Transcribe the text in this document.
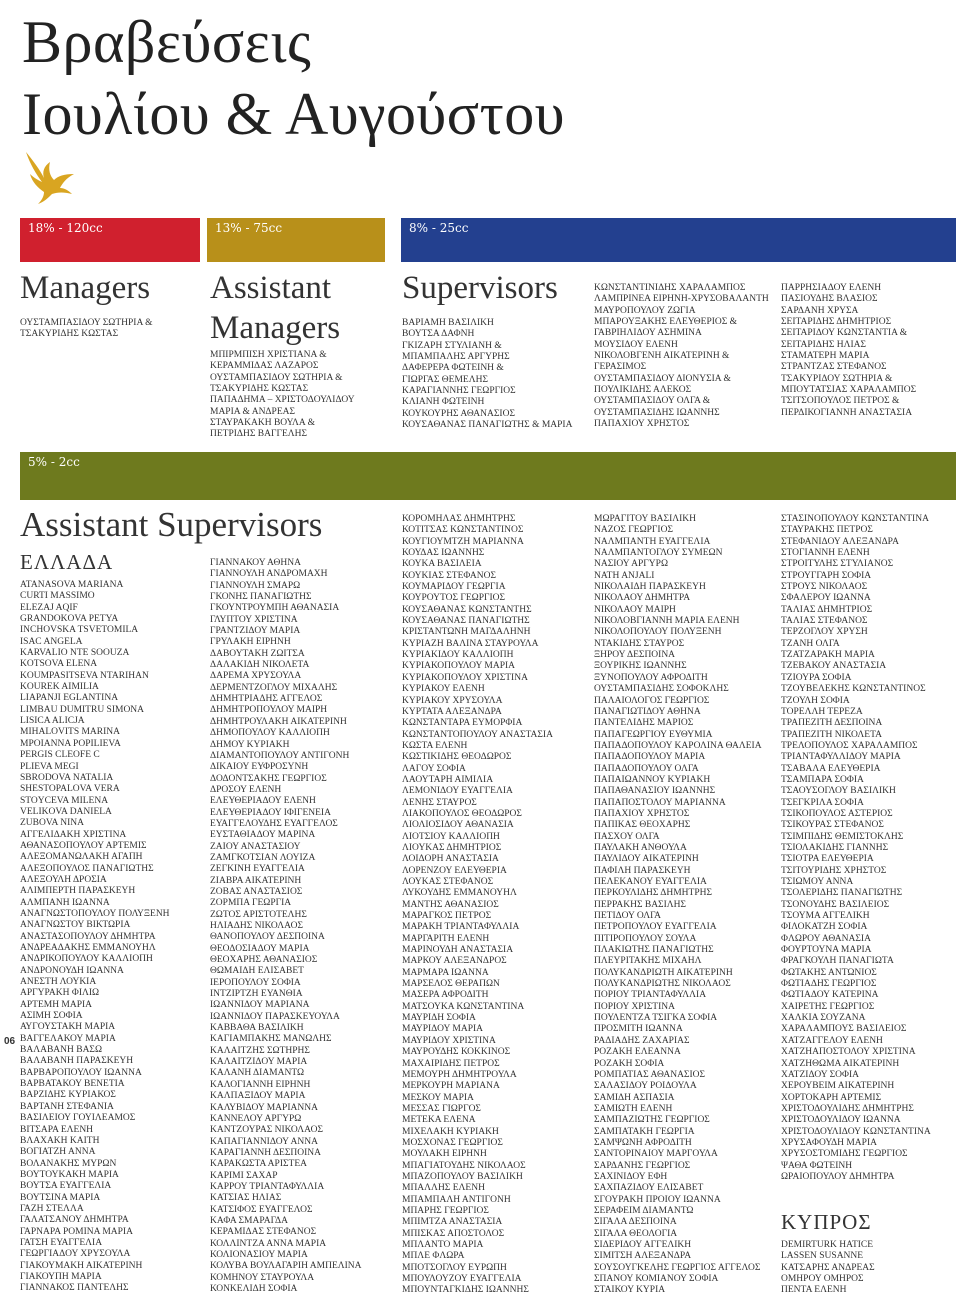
Βραβεύσεις
Ιουλίου & Αυγούστου
18% - 120cc	13% - 75cc	8% - 25cc
5% - 2cc
Managers
ΟΥΣΤΑΜΠΑΣΙΔΟΥ ΣΩΤΗΡΙΑ &
ΤΣΑΚΥΡΙΔΗΣ ΚΩΣΤΑΣ
Assistant
Managers
ΜΠΙΡΜΠΙΣΗ ΧΡΙΣΤΙΑΝΑ &
ΚΕΡΑΜΜΙΔΑΣ ΛΑΖΑΡΟΣ
ΟΥΣΤΑΜΠΑΣΙΔΟΥ ΣΩΤΗΡΙΑ &
ΤΣΑΚΥΡΙΔΗΣ ΚΩΣΤΑΣ
ΠΑΠΑΔΗΜΑ – ΧΡΙΣΤΟΔΟΥΛΙΔΟΥ
ΜΑΡΙΑ & ΑΝΔΡΕΑΣ
ΣΤΑΥΡΑΚΑΚΗ ΒΟΥΛΑ &
ΠΕΤΡΙΔΗΣ ΒΑΓΓΕΛΗΣ
Supervisors
ΒΑΡΙΑΜΗ ΒΑΣΙΛΙΚΗ
ΒΟΥΤΣΑ ΔΑΦΝΗ
ΓΚΙΖΑΡΗ ΣΤΥΛΙΑΝΗ &
ΜΠΑΜΠΑΛΗΣ ΑΡΓΥΡΗΣ
ΔΑΦΕΡΕΡΑ ΦΩΤΕΙΝΗ &
ΓΙΩΡΓΑΣ ΘΕΜΕΛΗΣ
ΚΑΡΑΓΙΑΝΝΗΣ ΓΕΩΡΓΙΟΣ
ΚΛΙΑΝΗ ΦΩΤΕΙΝΗ
ΚΟΥΚΟΥΡΗΣ ΑΘΑΝΑΣΙΟΣ
ΚΟΥΣΑΘΑΝΑΣ ΠΑΝΑΓΙΩΤΗΣ & ΜΑΡΙΑ
ΚΩΝΣΤΑΝΤΙΝΙΔΗΣ ΧΑΡΑΛΑΜΠΟΣ
ΛΑΜΠΡΙΝΕΑ ΕΙΡΗΝΗ-ΧΡΥΣΟΒΑΛΑΝΤΗ
ΜΑΥΡΟΠΟΥΛΟΥ ΖΩΓΙΑ
ΜΠΑΡΟΥΞΑΚΗΣ ΕΛΕΥΘΕΡΙΟΣ &
ΓΑΒΡΙΗΛΙΔΟΥ ΑΣΗΜΙΝΑ
ΜΟΥΣΙΔΟΥ ΕΛΕΝΗ
ΝΙΚΟΛΟΒΓΕΝΗ ΑΙΚΑΤΕΡΙΝΗ &
ΓΕΡΑΣΙΜΟΣ
ΟΥΣΤΑΜΠΑΣΙΔΟΥ ΔΙΟΝΥΣΙΑ &
ΠΟΥΛΙΚΙΔΗΣ ΑΛΕΚΟΣ
ΟΥΣΤΑΜΠΑΣΙΔΟΥ ΟΛΓΑ &
ΟΥΣΤΑΜΠΑΣΙΔΗΣ ΙΩΑΝΝΗΣ
ΠΑΠΑΧΙΟΥ ΧΡΗΣΤΟΣ
ΠΑΡΡΗΣΙΑΔΟΥ ΕΛΕΝΗ
ΠΑΣΙΟΥΔΗΣ ΒΛΑΣΙΟΣ
ΣΑΡΔΑΝΗ ΧΡΥΣΑ
ΣΕΙΤΑΡΙΔΗΣ ΔΗΜΗΤΡΙΟΣ
ΣΕΙΤΑΡΙΔΟΥ ΚΩΝΣΤΑΝΤΙΑ &
ΣΕΙΤΑΡΙΔΗΣ ΗΛΙΑΣ
ΣΤΑΜΑΤΕΡΗ ΜΑΡΙΑ
ΣΤΡΑΝΤΖΑΣ ΣΤΕΦΑΝΟΣ
ΤΣΑΚΥΡΙΔΟΥ ΣΩΤΗΡΙΑ &
ΜΠΟΥΤΑΤΣΙΑΣ ΧΑΡΑΛΑΜΠΟΣ
ΤΣΙΤΣΟΠΟΥΛΟΣ ΠΕΤΡΟΣ &
ΠΕΡΔΙΚΟΓΙΑΝΝΗ ΑΝΑΣΤΑΣΙΑ
Assistant Supervisors
ΕΛΛΑΔΑ
ATANASOVA MARIANA
CURTI MASSIMO
ELEZAJ AQIF
GRANDOKOVA PETYA
INCHOVSKA TSVETOMILA
ISAC ANGELA
KARVALIO NTE SOOUZA
KOTSOVA ELENA
KOUMPASITSEVA NTARIHAN
KOUREK AIMILIA
LIAPANJI EGLANTINA
LIMBAU DUMITRU SIMONA
LISICA ALICJA
MIHALOVITS MARINA
ΜΡΟΙΑΝΝΑ POPILIEVA
PERGIS CLEOFE C
PLIEVA MEGI
SBRODOVA NATALIA
SHESTOPALOVA VERA
STOYCEVA MILENA
VELIKOVA DANIELA
ZUBOVA NINA
ΑΓΓΕΛΙΔΑΚΗ ΧΡΙΣΤΙΝΑ
ΑΘΑΝΑΣΟΠΟΥΛΟΥ ΑΡΤΕΜΙΣ
ΑΛΕΞΟΜΑΝΩΛΑΚΗ ΑΓΑΠΗ
ΑΛΕΞΟΠΟΥΛΟΣ ΠΑΝΑΓΙΩΤΗΣ
ΑΛΕΞΟΥΛΗ ΔΡΟΣΙΑ
ΑΛΙΜΠΕΡΤΗ ΠΑΡΑΣΚΕΥΗ
ΑΛΜΠΑΝΗ ΙΩΑΝΝΑ
ΑΝΑΓΝΩΣΤΟΠΟΥΛΟΥ ΠΟΛΥΞΕΝΗ
ΑΝΑΓΝΩΣΤΟΥ ΒΙΚΤΩΡΙΑ
ΑΝΑΣΤΑΣΟΠΟΥΛΟΥ ΔΗΜΗΤΡΑ
ΑΝΔΡΕΑΔΑΚΗΣ ΕΜΜΑΝΟΥΗΛ
ΑΝΔΡΙΚΟΠΟΥΛΟΥ ΚΑΛΛΙΟΠΗ
ΑΝΔΡΟΝΟΥΔΗ ΙΩΑΝΝΑ
ΑΝΕΣΤΗ ΛΟΥΚΙΑ
ΑΡΓΥΡΑΚΗ ΦΙΛΙΩ
ΑΡΤΕΜΗ ΜΑΡΙΑ
ΑΣΙΜΗ ΣΟΦΙΑ
ΑΥΓΟΥΣΤΑΚΗ ΜΑΡΙΑ
ΒΑΓΓΕΛΑΚΟΥ ΜΑΡΙΑ
ΒΑΛΑΒΑΝΗ ΒΑΣΩ
ΒΑΛΑΒΑΝΗ ΠΑΡΑΣΚΕΥΗ
ΒΑΡΒΑΡΟΠΟΥΛΟΥ ΙΩΑΝΝΑ
ΒΑΡΒΑΤΑΚΟΥ ΒΕΝΕΤΙΑ
ΒΑΡΖΙΔΗΣ ΚΥΡΙΑΚΟΣ
ΒΑΡΤΑΝΗ ΣΤΕΦΑΝΙΑ
ΒΑΣΙΛΕΙΟΥ ΓΟΥΙΛΕΑΜΟΣ
ΒΙΤΣΑΡΑ ΕΛΕΝΗ
ΒΛΑΧΑΚΗ ΚΑΙΤΗ
ΒΟΓΙΑΤΖΗ ΑΝΝΑ
ΒΟΛΑΝΑΚΗΣ ΜΥΡΩΝ
ΒΟΥΤΟΥΚΑΚΗ ΜΑΡΙΑ
ΒΟΥΤΣΑ ΕΥΑΓΓΕΛΙΑ
ΒΟΥΤΣΙΝΑ ΜΑΡΙΑ
ΓΑΖΗ ΣΤΕΛΛΑ
ΓΑΛΑΤΣΑΝΟΥ ΔΗΜΗΤΡΑ
ΓΑΡΝΑΡΑ ΡΟΜΙΝΑ ΜΑΡΙΑ
ΓΑΤΣΗ ΕΥΑΓΓΕΛΙΑ
ΓΕΩΡΓΙΑΔΟΥ ΧΡΥΣΟΥΛΑ
ΓΙΑΚΟΥΜΑΚΗ ΑΙΚΑΤΕΡΙΝΗ
ΓΙΑΚΟΥΠΗ ΜΑΡΙΑ
ΓΙΑΝΝΑΚΟΣ ΠΑΝΤΕΛΗΣ
ΓΙΑΝΝΑΚΟΥ ΑΘΗΝΑ
ΓΙΑΝΝΟΥΛΗ ΑΝΔΡΟΜΑΧΗ
ΓΙΑΝΝΟΥΛΗ ΣΜΑΡΩ
ΓΚΟΝΗΣ ΠΑΝΑΓΙΩΤΗΣ
ΓΚΟΥΝΤΡΟΥΜΠΗ ΑΘΑΝΑΣΙΑ
ΓΛΥΠΤΟΥ ΧΡΙΣΤΙΝΑ
ΓΡΑΝΤΖΙΔΟΥ ΜΑΡΙΑ
ΓΡΥΛΑΚΗ ΕΙΡΗΝΗ
ΔΑΒΟΥΤΑΚΗ ΖΩΙΤΣΑ
ΔΑΛΑΚΙΔΗ ΝΙΚΟΛΕΤΑ
ΔΑΡΕΜΑ ΧΡΥΣΟΥΛΑ
ΔΕΡΜΕΝΤΖΟΓΛΟΥ ΜΙΧΑΛΗΣ
ΔΗΜΗΤΡΙΑΔΗΣ ΑΓΓΕΛΟΣ
ΔΗΜΗΤΡΟΠΟΥΛΟΥ ΜΑΙΡΗ
ΔΗΜΗΤΡΟΥΛΑΚΗ ΑΙΚΑΤΕΡΙΝΗ
ΔΗΜΟΠΟΥΛΟΥ ΚΑΛΛΙΟΠΗ
ΔΗΜΟΥ ΚΥΡΙΑΚΗ
ΔΙΑΜΑΝΤΟΠΟΥΛΟΥ ΑΝΤΙΓΟΝΗ
ΔΙΚΑΙΟΥ ΕΥΦΡΟΣΥΝΗ
ΔΟΔΟΝΤΣΑΚΗΣ ΓΕΩΡΓΙΟΣ
ΔΡΟΣΟΥ ΕΛΕΝΗ
ΕΛΕΥΘΕΡΙΑΔΟΥ ΕΛΕΝΗ
ΕΛΕΥΘΕΡΙΑΔΟΥ ΙΦΙΓΕΝΕΙΑ
ΕΥΑΓΓΕΛΟΥΔΗΣ ΕΥΑΓΓΕΛΟΣ
ΕΥΣΤΑΘΙΑΔΟΥ ΜΑΡΙΝΑ
ΖΑΙΟΥ ΑΝΑΣΤΑΣΙΟΥ
ΖΑΜΓΚΟΤΣΙΑΝ ΛΟΥΙΖΑ
ΖΕΓΚΙΝΗ ΕΥΑΓΓΕΛΙΑ
ΖΙΑΒΡΑ ΑΙΚΑΤΕΡΙΝΗ
ΖΟΒΑΣ ΑΝΑΣΤΑΣΙΟΣ
ΖΟΡΜΠΑ ΓΕΩΡΓΙΑ
ΖΩΤΟΣ ΑΡΙΣΤΟΤΕΛΗΣ
ΗΛΙΑΔΗΣ ΝΙΚΟΛΑΟΣ
ΘΑΝΟΠΟΥΛΟΥ ΔΕΣΠΟΙΝΑ
ΘΕΟΔΟΣΙΑΔΟΥ ΜΑΡΙΑ
ΘΕΟΧΑΡΗΣ ΑΘΑΝΑΣΙΟΣ
ΘΩΜΑΙΔΗ ΕΛΙΣΑΒΕΤ
ΙΕΡΟΠΟΥΛΟΥ ΣΟΦΙΑ
ΙΝΤΖΙΡΤΖΗ ΕΥΑΝΘΙΑ
ΙΩΑΝΝΙΔΟΥ ΜΑΡΙΑΝΑ
ΙΩΑΝΝΙΔΟΥ ΠΑΡΑΣΚΕΥΟΥΛΑ
ΚΑΒΒΑΘΑ ΒΑΣΙΛΙΚΗ
ΚΑΓΙΑΜΠΑΚΗΣ ΜΑΝΩΛΗΣ
ΚΑΛΑΙΤΖΗΣ ΣΩΤΗΡΗΣ
ΚΑΛΑΙΤΖΙΔΟΥ ΜΑΡΙΑ
ΚΑΛΑΝΗ ΔΙΑΜΑΝΤΩ
ΚΑΛΟΓΙΑΝΝΗ ΕΙΡΗΝΗ
ΚΑΛΠΑΞΙΔΟΥ ΜΑΡΙΑ
ΚΑΛΥΒΙΔΟΥ ΜΑΡΙΑΝΝΑ
ΚΑΝΝΕΛΟΥ ΑΡΓΥΡΩ
ΚΑΝΤΖΟΥΡΑΣ ΝΙΚΟΛΑΟΣ
ΚΑΠΑΓΙΑΝΝΙΔΟΥ ΑΝΝΑ
ΚΑΡΑΓΙΑΝΝΗ ΔΕΣΠΟΙΝΑ
ΚΑΡΑΚΩΣΤΑ ΑΡΙΣΤΕΑ
ΚΑΡΙΜΙ ΣΑΧΑΡ
ΚΑΡΡΟΥ ΤΡΙΑΝΤΑΦΥΛΛΙΑ
ΚΑΤΣΙΑΣ ΗΛΙΑΣ
ΚΑΤΣΙΦΟΣ ΕΥΑΓΓΕΛΟΣ
ΚΑΦΑ ΣΜΑΡΑΓΔΑ
ΚΕΡΑΜΙΔΑΣ ΣΤΕΦΑΝΟΣ
ΚΟΛΛΙΝΤΖΑ ΑΝΝΑ ΜΑΡΙΑ
ΚΟΛΙΟΝΑΣΙΟΥ ΜΑΡΙΑ
ΚΟΛΥΒΑ ΒΟΥΛΑΓΑΡΙΗ ΑΜΠΕΛΙΝΑ
ΚΟΜΗΝΟΥ ΣΤΑΥΡΟΥΛΑ
ΚΟΝΚΕΛΙΔΗ ΣΟΦΙΑ
ΚΟΡΟΜΗΛΑΣ ΔΗΜΗΤΡΗΣ
ΚΟΤΙΤΣΑΣ ΚΩΝΣΤΑΝΤΙΝΟΣ
ΚΟΥΓΙΟΥΜΤΖΗ ΜΑΡΙΑΝΝΑ
ΚΟΥΔΑΣ ΙΩΑΝΝΗΣ
ΚΟΥΚΑ ΒΑΣΙΛΕΙΑ
ΚΟΥΚΙΑΣ ΣΤΕΦΑΝΟΣ
ΚΟΥΜΑΡΙΔΟΥ ΓΕΩΡΓΙΑ
ΚΟΥΡΟΥΤΟΣ ΓΕΩΡΓΙΟΣ
ΚΟΥΣΑΘΑΝΑΣ ΚΩΝΣΤΑΝΤΗΣ
ΚΟΥΣΑΘΑΝΑΣ ΠΑΝΑΓΙΩΤΗΣ
ΚΡΙΣΤΑΝΤΩΝΗ ΜΑΓΔΑΛΗΝΗ
ΚΥΡΙΑΖΗ ΒΑΛΙΝΑ ΣΤΑΥΡΟΥΛΑ
ΚΥΡΙΑΚΙΔΟΥ ΚΑΛΛΙΟΠΗ
ΚΥΡΙΑΚΟΠΟΥΛΟΥ ΜΑΡΙΑ
ΚΥΡΙΑΚΟΠΟΥΛΟΥ ΧΡΙΣΤΙΝΑ
ΚΥΡΙΑΚΟΥ ΕΛΕΝΗ
ΚΥΡΙΑΚΟΥ ΧΡΥΣΟΥΛΑ
ΚΥΡΤΑΤΑ ΑΛΕΞΑΝΔΡΑ
ΚΩΝΣΤΑΝΤΑΡΑ ΕΥΜΟΡΦΙΑ
ΚΩΝΣΤΑΝΤΟΠΟΥΛΟΥ ΑΝΑΣΤΑΣΙΑ
ΚΩΣΤΑ ΕΛΕΝΗ
ΚΩΣΤΙΚΙΔΗΣ ΘΕΟΔΩΡΟΣ
ΛΑΓΟΥ ΣΟΦΙΑ
ΛΑΟΥΤΑΡΗ ΑΙΜΙΛΙΑ
ΛΕΜΟΝΙΔΟΥ ΕΥΑΓΓΕΛΙΑ
ΛΕΝΗΣ ΣΤΑΥΡΟΣ
ΛΙΑΚΟΠΟΥΛΟΣ ΘΕΟΔΩΡΟΣ
ΛΙΟΛΙΟΣΙΔΟΥ ΑΘΑΝΑΣΙΑ
ΛΙΟΤΣΙΟΥ ΚΑΛΛΙΟΠΗ
ΛΙΟΥΚΑΣ ΔΗΜΗΤΡΙΟΣ
ΛΟΙΔΟΡΗ ΑΝΑΣΤΑΣΙΑ
ΛΟΡΕΝΖΟΥ ΕΛΕΥΘΕΡΙΑ
ΛΟΥΚΑΣ ΣΤΕΦΑΝΟΣ
ΛΥΚΟΥΔΗΣ ΕΜΜΑΝΟΥΗΛ
ΜΑΝΤΗΣ ΑΘΑΝΑΣΙΟΣ
ΜΑΡΑΓΚΟΣ ΠΕΤΡΟΣ
ΜΑΡΑΚΗ ΤΡΙΑΝΤΑΦΥΛΛΙΑ
ΜΑΡΓΑΡΙΤΗ ΕΛΕΝΗ
ΜΑΡΙΝΟΥΔΗ ΑΝΑΣΤΑΣΙΑ
ΜΑΡΚΟΥ ΑΛΕΞΑΝΔΡΟΣ
ΜΑΡΜΑΡΑ ΙΩΑΝΝΑ
ΜΑΡΣΕΛΟΣ ΘΕΡΑΠΩΝ
ΜΑΣΕΡΑ ΑΦΡΟΔΙΤΗ
ΜΑΤΣΟΥΚΑ ΚΩΝΣΤΑΝΤΙΝΑ
ΜΑΥΡΙΔΗ ΣΟΦΙΑ
ΜΑΥΡΙΔΟΥ ΜΑΡΙΑ
ΜΑΥΡΙΔΟΥ ΧΡΙΣΤΙΝΑ
ΜΑΥΡΟΥΔΗΣ ΚΟΚΚΙΝΟΣ
ΜΑΧΑΙΡΙΔΗΣ ΠΕΤΡΟΣ
ΜΕΜΟΥΡΗ ΔΗΜΗΤΡΟΥΛΑ
ΜΕΡΚΟΥΡΗ ΜΑΡΙΑΝΑ
ΜΕΣΚΟΥ ΜΑΡΙΑ
ΜΕΣΣΑΣ ΓΙΩΡΓΟΣ
ΜΕΤΕΚΑ ΕΛΕΝΑ
ΜΙΧΕΛΑΚΗ ΚΥΡΙΑΚΗ
ΜΟΣΧΟΝΑΣ ΓΕΩΡΓΙΟΣ
ΜΟΥΛΑΚΗ ΕΙΡΗΝΗ
ΜΠΑΓΙΑΤΟΥΔΗΣ ΝΙΚΟΛΑΟΣ
ΜΠΑΖΟΠΟΥΛΟΥ ΒΑΣΙΛΙΚΗ
ΜΠΑΛΛΗΣ ΕΛΕΝΗ
ΜΠΑΜΠΑΛΗ ΑΝΤΙΓΟΝΗ
ΜΠΑΡΗΣ ΓΕΩΡΓΙΟΣ
ΜΠΙΜΤΖΑ ΑΝΑΣΤΑΣΙΑ
ΜΠΙΣΚΑΣ ΑΠΟΣΤΟΛΟΣ
ΜΠΛΑΝΤΟ ΜΑΡΙΑ
ΜΠΛΕ ΦΛΩΡΑ
ΜΠΟΤΣΟΓΛΟΥ ΕΥΡΩΠΗ
ΜΠΟΥΛΟΥΖΟΥ ΕΥΑΓΓΕΛΙΑ
ΜΠΟΥΝΤΑΓΚΙΔΗΣ ΙΩΑΝΝΗΣ
ΜΩΡΑΓΙΤΟΥ ΒΑΣΙΛΙΚΗ
ΝΑΖΟΣ ΓΕΩΡΓΙΟΣ
ΝΑΛΜΠΑΝΤΗ ΕΥΑΓΓΕΛΙΑ
ΝΑΛΜΠΑΝΤΟΓΛΟΥ ΣΥΜΕΩΝ
ΝΑΣΙΟΥ ΑΡΓΥΡΩ
ΝΑΤΗ ΑΝJALI
ΝΙΚΟΛΑΙΔΗ ΠΑΡΑΣΚΕΥΗ
ΝΙΚΟΛΑΟΥ ΔΗΜΗΤΡΑ
ΝΙΚΟΛΑΟΥ ΜΑΙΡΗ
ΝΙΚΟΛΟΒΓΙΑΝΝΗ ΜΑΡΙΑ ΕΛΕΝΗ
ΝΙΚΟΛΟΠΟΥΛΟΥ ΠΟΛΥΞΕΝΗ
ΝΤΑΚΙΔΗΣ ΣΤΑΥΡΟΣ
ΞΗΡΟΥ ΔΕΣΠΟΙΝΑ
ΞΟΥΡΙΚΗΣ ΙΩΑΝΝΗΣ
ΞΥΝΟΠΟΥΛΟΥ ΑΦΡΟΔΙΤΗ
ΟΥΣΤΑΜΠΑΣΙΔΗΣ ΣΟΦΟΚΛΗΣ
ΠΑΛΑΙΟΛΟΓΟΣ ΓΕΩΡΓΙΟΣ
ΠΑΝΑΓΙΩΤΙΔΟΥ ΑΘΗΝΑ
ΠΑΝΤΕΛΙΔΗΣ ΜΑΡΙΟΣ
ΠΑΠΑΓΕΩΡΓΙΟΥ ΕΥΘΥΜΙΑ
ΠΑΠΑΔΟΠΟΥΛΟΥ ΚΑΡΟΛΙΝΑ ΘΑΛΕΙΑ
ΠΑΠΑΔΟΠΟΥΛΟΥ ΜΑΡΙΑ
ΠΑΠΑΔΟΠΟΥΛΟΥ ΟΛΓΑ
ΠΑΠΑΙΩΑΝΝΟΥ ΚΥΡΙΑΚΗ
ΠΑΠΑΘΑΝΑΣΙΟΥ ΙΩΑΝΝΗΣ
ΠΑΠΑΠΟΣΤΟΛΟΥ ΜΑΡΙΑΝΝΑ
ΠΑΠΑΧΙΟΥ ΧΡΗΣΤΟΣ
ΠΑΠΙΚΑΣ ΘΕΟΧΑΡΗΣ
ΠΑΣΧΟΥ ΟΛΓΑ
ΠΑΥΛΑΚΗ ΑΝΘΟΥΛΑ
ΠΑΥΛΙΔΟΥ ΑΙΚΑΤΕΡΙΝΗ
ΠΑΦΙΛΗ ΠΑΡΑΣΚΕΥΗ
ΠΕΛΕΚΑΝΟΥ ΕΥΑΓΓΕΛΙΑ
ΠΕΡΚΟΥΛΙΔΗΣ ΔΗΜΗΤΡΗΣ
ΠΕΡΡΑΚΗΣ ΒΑΣΙΛΗΣ
ΠΕΤΙΔΟΥ ΟΛΓΑ
ΠΕΤΡΟΠΟΥΛΟΥ ΕΥΑΓΓΕΛΙΑ
ΠΙΤΙΡΟΠΟΥΛΟΥ ΣΟΥΛΑ
ΠΛΑΚΙΩΤΗΣ ΠΑΝΑΓΙΩΤΗΣ
ΠΛΕΥΡΙΤΑΚΗΣ ΜΙΧΑΗΛ
ΠΟΛΥΚΑΝΔΡΙΩΤΗ ΑΙΚΑΤΕΡΙΝΗ
ΠΟΛΥΚΑΝΔΡΙΩΤΗΣ ΝΙΚΟΛΑΟΣ
ΠΟΡΙΟΥ ΤΡΙΑΝΤΑΦΥΛΛΙΑ
ΠΟΡΙΟΥ ΧΡΙΣΤΙΝΑ
ΠΟΥΛΕΝΤΖΑ ΤΣΙΓΚΑ ΣΟΦΙΑ
ΠΡΟΣΜΙΤΗ ΙΩΑΝΝΑ
ΡΑΔΙΑΔΗΣ ΖΑΧΑΡΙΑΣ
ΡΟΖΑΚΗ ΕΛΕΑΝΝΑ
ΡΟΖΑΚΗ ΣΟΦΙΑ
ΡΟΜΠΑΤΙΑΣ ΑΘΑΝΑΣΙΟΣ
ΣΑΛΑΣΙΔΟΥ ΡΟΙΔΟΥΛΑ
ΣΑΜΙΔΗ ΑΣΠΑΣΙΑ
ΣΑΜΙΩΤΗ ΕΛΕΝΗ
ΣΑΜΠΑΖΙΩΤΗΣ ΓΕΩΡΓΙΟΣ
ΣΑΜΠΑΤΑΚΗ ΓΕΩΡΓΙΑ
ΣΑΜΨΩΝΗ ΑΦΡΟΔΙΤΗ
ΣΑΝΤΟΡΙΝΑΙΟΥ ΜΑΡΓΟΥΛΑ
ΣΑΡΔΑΝΗΣ ΓΕΩΡΓΙΟΣ
ΣΑΧΙΝΙΔΟΥ ΕΦΗ
ΣΑΧΠΑΖΙΔΟΥ ΕΛΙΣΑΒΕΤ
ΣΓΟΥΡΑΚΗ ΠΡΟΙΟΥ ΙΩΑΝΝΑ
ΣΕΡΑΦΕΙΜ ΔΙΑΜΑΝΤΩ
ΣΙΓΑΛΑ ΔΕΣΠΟΙΝΑ
ΣΙΓΑΛΑ ΘΕΟΛΟΓΙΑ
ΣΙΔΕΡΙΔΟΥ ΑΓΓΕΛΙΚΗ
ΣΙΜΙΤΣΗ ΑΛΕΞΑΝΔΡΑ
ΣΟΥΣΟΥΓΚΕΛΗΣ ΓΕΩΡΓΙΟΣ ΑΓΓΕΛΟΣ
ΣΠΑΝΟΥ ΚΟΜΙΑΝΟΥ ΣΟΦΙΑ
ΣΤΑΙΚΟΥ ΚΥΡΙΑ
ΣΤΑΣΙΝΟΠΟΥΛΟΥ ΚΩΝΣΤΑΝΤΙΝΑ
ΣΤΑΥΡΑΚΗΣ ΠΕΤΡΟΣ
ΣΤΕΦΑΝΙΔΟΥ ΑΛΕΞΑΝΔΡΑ
ΣΤΟΓΙΑΝΝΗ ΕΛΕΝΗ
ΣΤΡΟΙΤΥΛΗΣ ΣΤΥΛΙΑΝΟΣ
ΣΤΡΟΥΓΓΑΡΗ ΣΟΦΙΑ
ΣΤΡΟΥΣ ΝΙΚΟΛΑΟΣ
ΣΦΑΛΕΡΟΥ ΙΩΑΝΝΑ
ΤΑΛΙΑΣ ΔΗΜΗΤΡΙΟΣ
ΤΑΛΙΑΣ ΣΤΕΦΑΝΟΣ
ΤΕΡΖΟΓΛΟΥ ΧΡΥΣΗ
ΤΖΑΝΗ ΟΛΓΑ
ΤΖΑΤΖΑΡΑΚΗ ΜΑΡΙΑ
ΤΖΕΒΑΚΟΥ ΑΝΑΣΤΑΣΙΑ
ΤΖΙΟΥΡΑ ΣΟΦΙΑ
ΤΖΟΥΒΕΛΕΚΗΣ ΚΩΝΣΤΑΝΤΙΝΟΣ
ΤΖΟΥΛΗ ΣΟΦΙΑ
ΤΟΡΕΛΛΗ ΤΕΡΕΖΑ
ΤΡΑΠΕΖΙΤΗ ΔΕΣΠΟΙΝΑ
ΤΡΑΠΕΖΙΤΗ ΝΙΚΟΛΕΤΑ
ΤΡΕΛΟΠΟΥΛΟΣ ΧΑΡΑΛΑΜΠΟΣ
ΤΡΙΑΝΤΑΦΥΛΛΙΔΟΥ ΜΑΡΙΑ
ΤΣΑΒΑΛΑ ΕΛΕΥΘΕΡΙΑ
ΤΣΑΜΠΑΡΑ ΣΟΦΙΑ
ΤΣΑΟΥΣΟΓΛΟΥ ΒΑΣΙΛΙΚΗ
ΤΣΕΓΚΡΙΛΑ ΣΟΦΙΑ
ΤΣΙΚΟΠΟΥΛΟΣ ΑΣΤΕΡΙΟΣ
ΤΣΙΚΟΥΡΑΣ ΣΤΕΦΑΝΟΣ
ΤΣΙΜΠΙΔΗΣ ΘΕΜΙΣΤΟΚΛΗΣ
ΤΣΙΟΛΑΚΙΔΗΣ ΓΙΑΝΝΗΣ
ΤΣΙΟΤΡΑ ΕΛΕΥΘΕΡΙΑ
ΤΣΙΤΟΥΡΙΔΗΣ ΧΡΗΣΤΟΣ
ΤΣΙΩΜΟΥ ΑΝΝΑ
ΤΣΟΛΕΡΙΔΗΣ ΠΑΝΑΓΙΩΤΗΣ
ΤΣΟΝΟΥΔΗΣ ΒΑΣΙΛΕΙΟΣ
ΤΣΟΥΜΑ ΑΓΓΕΛΙΚΗ
ΦΙΛΟΚΑΤΖΗ ΣΟΦΙΑ
ΦΛΩΡΟΥ ΑΘΑΝΑΣΙΑ
ΦΟΥΡΤΟΥΝΑ ΜΑΡΙΑ
ΦΡΑΓΚΟΥΛΗ ΠΑΝΑΓΙΩΤΑ
ΦΩΤΑΚΗΣ ΑΝΤΩΝΙΟΣ
ΦΩΤΙΑΔΗΣ ΓΕΩΡΓΙΟΣ
ΦΩΤΙΑΔΟΥ ΚΑΤΕΡΙΝΑ
ΧΑΙΡΕΤΗΣ ΓΕΩΡΓΙΟΣ
ΧΑΛΚΙΑ ΣΟΥΖΑΝΑ
ΧΑΡΑΛΑΜΠΟΥΣ ΒΑΣΙΛΕΙΟΣ
ΧΑΤΖΑΓΓΕΛΟΥ ΕΛΕΝΗ
ΧΑΤΖΗΑΠΟΣΤΟΛΟΥ ΧΡΙΣΤΙΝΑ
ΧΑΤΖΗΘΩΜΑ ΑΙΚΑΤΕΡΙΝΗ
ΧΑΤΖΙΔΟΥ ΣΟΦΙΑ
ΧΕΡΟΥΒΕΙΜ ΑΙΚΑΤΕΡΙΝΗ
ΧΟΡΤΟΚΑΡΗ ΑΡΤΕΜΙΣ
ΧΡΙΣΤΟΔΟΥΛΙΔΗΣ ΔΗΜΗΤΡΗΣ
ΧΡΙΣΤΟΔΟΥΛΙΔΟΥ ΙΩΑΝΝΑ
ΧΡΙΣΤΟΔΟΥΛΙΔΟΥ ΚΩΝΣΤΑΝΤΙΝΑ
ΧΡΥΣΑΦΟΥΔΗ ΜΑΡΙΑ
ΧΡΥΣΟΣΤΟΜΙΔΗΣ ΓΕΩΡΓΙΟΣ
ΨΑΘΑ ΦΩΤΕΙΝΗ
ΩΡΑΙΟΠΟΥΛΟΥ ΔΗΜΗΤΡΑ
ΚΥΠΡΟΣ
DEMIRTURK HATICE
LASSEN SUSANNE
ΚΑΤΣΑΡΗΣ ΑΝΔΡΕΑΣ
ΟΜΗΡΟΥ ΟΜΗΡΟΣ
ΠΕΝΤΑ ΕΛΕΝΗ
06
